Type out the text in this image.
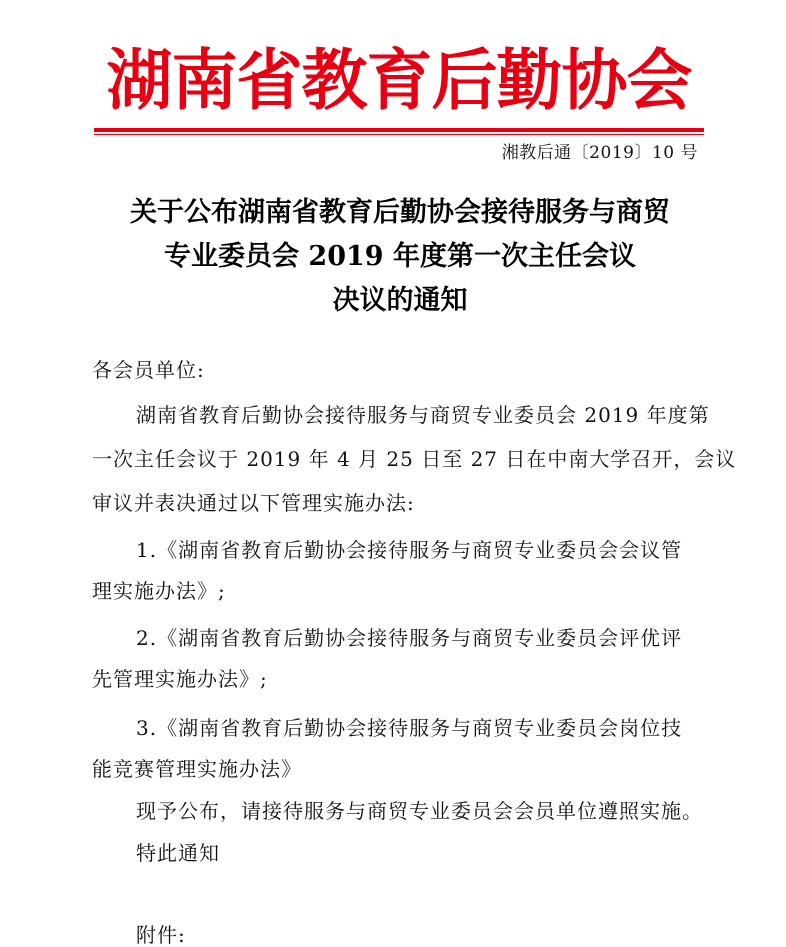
湖南省教育后勤协会
湘教后通〔2019〕10 号
关于公布湖南省教育后勤协会接待服务与商贸
专业委员会 2019 年度第一次主任会议
决议的通知
各会员单位:
湖南省教育后勤协会接待服务与商贸专业委员会 2019 年度第
一次主任会议于 2019 年 4 月 25 日至 27 日在中南大学召开，会议
审议并表决通过以下管理实施办法:
1.《湖南省教育后勤协会接待服务与商贸专业委员会会议管
理实施办法》;
2.《湖南省教育后勤协会接待服务与商贸专业委员会评优评
先管理实施办法》;
3.《湖南省教育后勤协会接待服务与商贸专业委员会岗位技
能竞赛管理实施办法》
现予公布，请接待服务与商贸专业委员会会员单位遵照实施。
特此通知
附件:
